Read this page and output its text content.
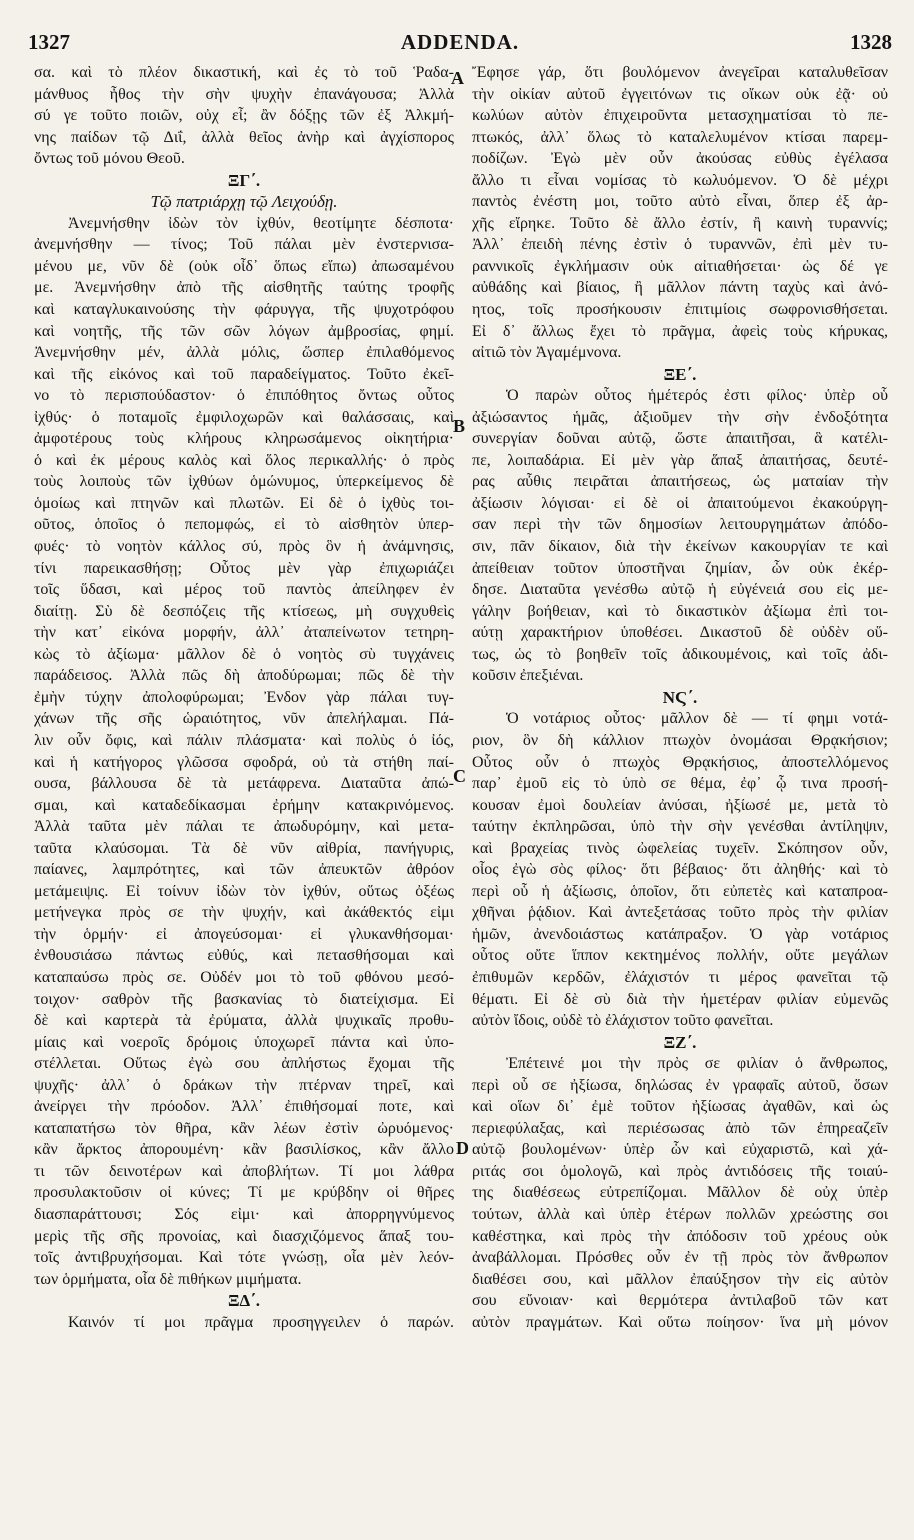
1327	ADDENDA.	1328
σα. καὶ τὸ πλέον δικαστική, καὶ ἐς τὸ τοῦ Ῥαδα-
μάνθυος ἦθος τὴν σὴν ψυχὴν ἐπανάγουσα; Ἀλλὰ
σύ γε τοῦτο ποιῶν, οὐχ εἶ; ἂν δόξῃς τῶν ἐξ Ἀλκμή-
νης παίδων τῷ Διΐ, ἀλλὰ θεῖος ἀνὴρ καὶ ἀγχίσπορος
ὄντως τοῦ μόνου Θεοῦ.
ΞΓ΄.
Τῷ πατριάρχῃ τῷ Λειχούδῃ.
Ἀνεμνήσθην ἰδὼν τὸν ἰχθύν, θεοτίμητε δέσποτα·
ἀνεμνήσθην — τίνος; Τοῦ πάλαι μὲν ἐνστερνισα-
μένου με, νῦν δὲ (οὐκ οἶδ᾽ ὅπως εἴπω) ἀπωσαμένου
με. Ἀνεμνήσθην ἀπὸ τῆς αἰσθητῆς ταύτης τροφῆς
καὶ καταγλυκαινούσης τὴν φάρυγγα, τῆς ψυχοτρόφου
καὶ νοητῆς, τῆς τῶν σῶν λόγων ἀμβροσίας, φημί.
Ἀνεμνήσθην μέν, ἀλλὰ μόλις, ὥσπερ ἐπιλαθόμενος
καὶ τῆς εἰκόνος καὶ τοῦ παραδείγματος. Τοῦτο ἐκεῖ-
νο τὸ περισπούδαστον· ὁ ἐπιπόθητος ὄντως οὗτος
ἰχθύς· ὁ ποταμοῖς ἐμφιλοχωρῶν καὶ θαλάσσαις, καὶ
ἀμφοτέρους τοὺς κλήρους κληρωσάμενος οἰκητήρια·
ὁ καὶ ἐκ μέρους καλὸς καὶ ὅλος περικαλλής· ὁ πρὸς
τοὺς λοιποὺς τῶν ἰχθύων ὁμώνυμος, ὑπερκείμενος δὲ
ὁμοίως καὶ πτηνῶν καὶ πλωτῶν. Εἰ δὲ ὁ ἰχθὺς τοι-
οῦτος, ὁποῖος ὁ πεπομφώς, εἰ τὸ αἰσθητὸν ὑπερ-
φυές· τὸ νοητὸν κάλλος σύ, πρὸς ὃν ἡ ἀνάμνησις,
τίνι παρεικασθήσῃ; Οὗτος μὲν γὰρ ἐπιχωριάζει
τοῖς ὕδασι, καὶ μέρος τοῦ παντὸς ἀπείληφεν ἐν
διαίτῃ. Σὺ δὲ δεσπόζεις τῆς κτίσεως, μὴ συγχυθεὶς
τὴν κατ᾽ εἰκόνα μορφήν, ἀλλ᾽ ἀταπείνωτον τετηρη-
κὼς τὸ ἀξίωμα· μᾶλλον δὲ ὁ νοητὸς σὺ τυγχάνεις
παράδεισος. Ἀλλὰ πῶς δὴ ἀποδύρωμαι; πῶς δὲ τὴν
ἐμὴν τύχην ἀπολοφύρωμαι; Ἐνδον γὰρ πάλαι τυγ-
χάνων τῆς σῆς ὡραιότητος, νῦν ἀπελήλαμαι. Πά-
λιν οὖν ὄφις, καὶ πάλιν πλάσματα· καὶ πολὺς ὁ ἰός,
καὶ ἡ κατήγορος γλῶσσα σφοδρά, οὐ τὰ στήθη παί-
ουσα, βάλλουσα δὲ τὰ μετάφρενα. Διαταῦτα ἀπώ-
σμαι, καὶ καταδεδίκασμαι ἐρήμην κατακρινόμενος.
Ἀλλὰ ταῦτα μὲν πάλαι τε ἀπωδυρόμην, καὶ μετα-
ταῦτα κλαύσομαι. Τὰ δὲ νῦν αἰθρία, πανήγυρις,
παίανες, λαμπρότητες, καὶ τῶν ἀπευκτῶν ἀθρόον
μετάμειψις. Εἰ τοίνυν ἰδὼν τὸν ἰχθύν, οὕτως ὀξέως
μετήνεγκα πρὸς σε τὴν ψυχήν, καὶ ἀκάθεκτός εἰμι
τὴν ὁρμήν· εἰ ἀπογεύσομαι· εἰ γλυκανθήσομαι·
ἐνθουσιάσω πάντως εὐθύς, καὶ πετασθήσομαι καὶ
καταπαύσω πρὸς σε. Οὐδέν μοι τὸ τοῦ φθόνου μεσό-
τοιχον· σαθρὸν τῆς βασκανίας τὸ διατείχισμα. Εἰ
δὲ καὶ καρτερὰ τὰ ἐρύματα, ἀλλὰ ψυχικαῖς προθυ-
μίαις καὶ νοεροῖς δρόμοις ὑποχωρεῖ πάντα καὶ ὑπο-
στέλλεται. Οὕτως ἐγὼ σου ἀπλήστως ἔχομαι τῆς
ψυχῆς· ἀλλ᾽ ὁ δράκων τὴν πτέρναν τηρεῖ, καὶ
ἀνείργει τὴν πρόοδον. Ἀλλ᾽ ἐπιθήσομαί ποτε, καὶ
καταπατήσω τὸν θῆρα, κἂν λέων ἐστὶν ὠρυόμενος·
κἂν ἄρκτος ἀπορουμένη· κἂν βασιλίσκος, κἂν ἄλλο
τι τῶν δεινοτέρων καὶ ἀποβλήτων. Τί μοι λάθρα
προσυλακτοῦσιν οἱ κύνες; Τί με κρύβδην οἱ θῆρες
διασπαράττουσι; Σός εἰμι· καὶ ἀπορρηγνύμενος
μερὶς τῆς σῆς προνοίας, καὶ διασχιζόμενος ἅπαξ του-
τοῖς ἀντιβρυχήσομαι. Καὶ τότε γνώσῃ, οἷα μὲν λεόν-
των ὁρμήματα, οἷα δὲ πιθήκων μιμήματα.
ΞΔ΄.
Καινόν τί μοι πρᾶγμα προσηγγειλεν ὁ παρών.
Ἔφησε γάρ, ὅτι βουλόμενον ἀνεγεῖραι καταλυθεῖσαν
τὴν οἰκίαν αὐτοῦ ἐγγειτόνων τις οἴκων οὐκ ἐᾷ· οὐ
κωλύων αὐτὸν ἐπιχειροῦντα μετασχηματίσαι τὸ πε-
πτωκός, ἀλλ᾽ ὅλως τὸ καταλελυμένον κτίσαι παρεμ-
ποδίζων. Ἐγὼ μὲν οὖν ἀκούσας εὐθὺς ἐγέλασα
ἄλλο τι εἶναι νομίσας τὸ κωλυόμενον. Ὁ δὲ μέχρι
παντὸς ἐνέστη μοι, τοῦτο αὐτὸ εἶναι, ὅπερ ἐξ ἀρ-
χῆς εἴρηκε. Τοῦτο δὲ ἄλλο ἐστίν, ἢ καινὴ τυραννίς;
Ἀλλ᾽ ἐπειδὴ πένης ἐστὶν ὁ τυραννῶν, ἐπὶ μὲν τυ-
ραννικοῖς ἐγκλήμασιν οὐκ αἰτιαθήσεται· ὡς δέ γε
αὐθάδης καὶ βίαιος, ἢ μᾶλλον πάντη ταχὺς καὶ ἀνό-
ητος, τοῖς προσήκουσιν ἐπιτιμίοις σωφρονισθήσεται.
Εἰ δ᾽ ἄλλως ἔχει τὸ πρᾶγμα, ἀφεὶς τοὺς κήρυκας,
αἰτιῶ τὸν Ἀγαμέμνονα.
ΞΕ΄.
Ὁ παρὼν οὗτος ἡμέτερός ἐστι φίλος· ὑπὲρ οὗ
ἀξιώσαντος ἡμᾶς, ἀξιοῦμεν τὴν σὴν ἐνδοξότητα
συνεργίαν δοῦναι αὐτῷ, ὥστε ἀπαιτῆσαι, ἃ κατέλι-
πε, λοιπαδάρια. Εἰ μὲν γὰρ ἅπαξ ἀπαιτήσας, δευτέ-
ρας αὖθις πειρᾶται ἀπαιτήσεως, ὡς ματαίαν τὴν
ἀξίωσιν λόγισαι· εἰ δὲ οἱ ἀπαιτούμενοι ἐκακούργη-
σαν περὶ τὴν τῶν δημοσίων λειτουργημάτων ἀπόδο-
σιν, πᾶν δίκαιον, διὰ τὴν ἐκείνων κακουργίαν τε καὶ
ἀπείθειαν τοῦτον ὑποστῆναι ζημίαν, ὧν οὐκ ἐκέρ-
δησε. Διαταῦτα γενέσθω αὐτῷ ἡ εὐγένειά σου εἰς με-
γάλην βοήθειαν, καὶ τὸ δικαστικὸν ἀξίωμα ἐπὶ τοι-
αύτῃ χαρακτήριον ὑποθέσει. Δικαστοῦ δὲ οὐδὲν οὕ-
τως, ὡς τὸ βοηθεῖν τοῖς ἀδικουμένοις, καὶ τοῖς ἀδι-
κοῦσιν ἐπεξιέναι.
ΝϚ΄.
Ὁ νοτάριος οὗτος· μᾶλλον δὲ — τί φημι νοτά-
ριον, ὃν δὴ κάλλιον πτωχὸν ὀνομάσαι Θρᾳκήσιον;
Οὗτος οὖν ὁ πτωχὸς Θρᾳκήσιος, ἀποστελλόμενος
παρ᾽ ἐμοῦ εἰς τὸ ὑπὸ σε θέμα, ἐφ᾽ ᾧ τινα προσή-
κουσαν ἐμοὶ δουλείαν ἀνύσαι, ἠξίωσέ με, μετὰ τὸ
ταύτην ἐκπληρῶσαι, ὑπὸ τὴν σὴν γενέσθαι ἀντίληψιν,
καὶ βραχείας τινὸς ὠφελείας τυχεῖν. Σκόπησον οὖν,
οἷος ἐγὼ σὸς φίλος· ὅτι βέβαιος· ὅτι ἀληθής· καὶ τὸ
περὶ οὗ ἡ ἀξίωσις, ὁποῖον, ὅτι εὐπετὲς καὶ καταπροα-
χθῆναι ῥᾴδιον. Καὶ ἀντεξετάσας τοῦτο πρὸς τὴν φιλίαν
ἡμῶν, ἀνενδοιάστως κατάπραξον. Ὁ γὰρ νοτάριος
οὗτος οὔτε ἵππον κεκτημένος πολλήν, οὔτε μεγάλων
ἐπιθυμῶν κερδῶν, ἐλάχιστόν τι μέρος φανεῖται τῷ
θέματι. Εἰ δὲ σὺ διὰ τὴν ἡμετέραν φιλίαν εὐμενῶς
αὐτὸν ἴδοις, οὐδὲ τὸ ἐλάχιστον τοῦτο φανεῖται.
ΞΖ΄.
Ἐπέτεινέ μοι τὴν πρὸς σε φιλίαν ὁ ἄνθρωπος,
περὶ οὗ σε ἠξίωσα, δηλώσας ἐν γραφαῖς αὐτοῦ, ὅσων
καὶ οἵων δι᾽ ἐμὲ τοῦτον ἠξίωσας ἀγαθῶν, καὶ ὡς
περιεφύλαξας, καὶ περιέσωσας ἀπὸ τῶν ἐπηρεαζεῖν
αὐτῷ βουλομένων· ὑπὲρ ὧν καὶ εὐχαριστῶ, καὶ χά-
ριτάς σοι ὁμολογῶ, καὶ πρὸς ἀντιδόσεις τῆς τοιαύ-
της διαθέσεως εὐτρεπίζομαι. Μᾶλλον δὲ οὐχ ὑπὲρ
τούτων, ἀλλὰ καὶ ὑπὲρ ἑτέρων πολλῶν χρεώστης σοι
καθέστηκα, καὶ πρὸς τὴν ἀπόδοσιν τοῦ χρέους οὐκ
ἀναβάλλομαι. Πρόσθες οὖν ἐν τῇ πρὸς τὸν ἄνθρωπον
διαθέσει σου, καὶ μᾶλλον ἐπαύξησον τὴν εἰς αὐτὸν
σου εὔνοιαν· καὶ θερμότερα ἀντιλαβοῦ τῶν κατ
αὐτὸν πραγμάτων. Καὶ οὕτω ποίησον· ἵνα μὴ μόνον
A
B
C
D
